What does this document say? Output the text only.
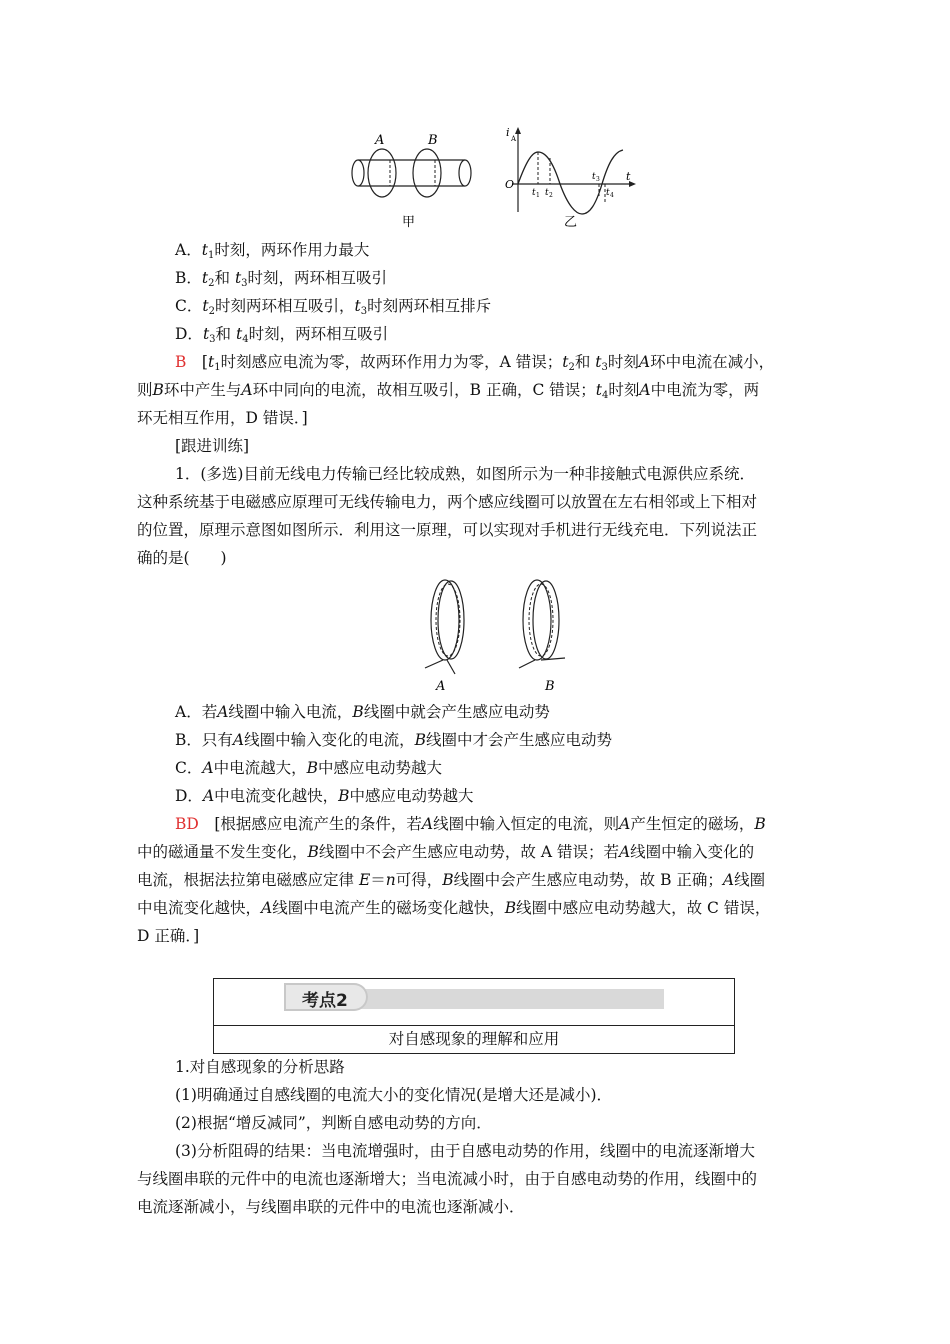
A	B
甲
i A
t
O
t 1 t 2
t 3
t 4
乙
A．$t_1$时刻，两环作用力最大
B．$t_2$和 $t_3$时刻，两环相互吸引
C．$t_2$时刻两环相互吸引，$t_3$时刻两环相互排斥
D．$t_3$和 $t_4$时刻，两环相互吸引
B　 [$t_1$时刻感应电流为零，故两环作用力为零，A 错误；$t_2$和 $t_3$时刻A环中电流在减小，
则B环中产生与A环中同向的电流，故相互吸引，B 正确，C 错误；$t_4$时刻A中电流为零，两
环无相互作用，D 错误．]
[跟进训练]
1．(多选)目前无线电力传输已经比较成熟，如图所示为一种非接触式电源供应系统．
这种系统基于电磁感应原理可无线传输电力，两个感应线圈可以放置在左右相邻或上下相对
的位置，原理示意图如图所示．利用这一原理，可以实现对手机进行无线充电．下列说法正
确的是(　　)
A	B
A．若A线圈中输入电流，B线圈中就会产生感应电动势
B．只有A线圈中输入变化的电流，B线圈中才会产生感应电动势
C．A中电流越大，B中感应电动势越大
D．A中电流变化越快，B中感应电动势越大
BD　 [根据感应电流产生的条件，若A线圈中输入恒定的电流，则A产生恒定的磁场，B
中的磁通量不发生变化，B线圈中不会产生感应电动势，故 A 错误；若A线圈中输入变化的
电流，根据法拉第电磁感应定律 E＝n可得，B线圈中会产生感应电动势，故 B 正确；A线圈
中电流变化越快，A线圈中电流产生的磁场变化越快，B线圈中感应电动势越大，故 C 错误，
D 正确．]
考点2
对自感现象的理解和应用
1.对自感现象的分析思路
(1)明确通过自感线圈的电流大小的变化情况(是增大还是减小)．
(2)根据“增反减同”，判断自感电动势的方向．
(3)分析阻碍的结果：当电流增强时，由于自感电动势的作用，线圈中的电流逐渐增大
与线圈串联的元件中的电流也逐渐增大；当电流减小时，由于自感电动势的作用，线圈中的
电流逐渐减小，与线圈串联的元件中的电流也逐渐减小．
